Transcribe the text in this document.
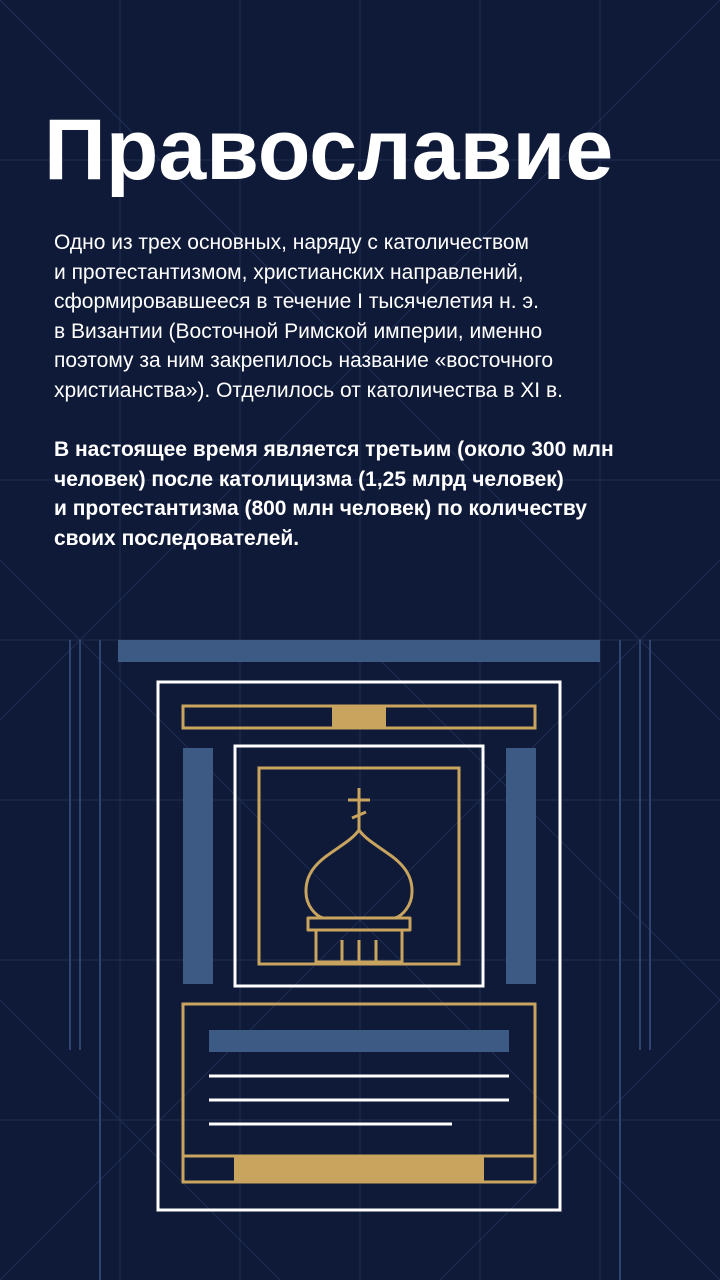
Православие

Одно из трех основных, наряду с католичеством
и протестантизмом, христианских направлений,
сформировавшееся в течение I тысячелетия н. э.
в Византии (Восточной Римской империи, именно
поэтому за ним закрепилось название «восточного
христианства»). Отделилось от католичества в XI в.

В настоящее время является третьим (около 300 млн
человек) после католицизма (1,25 млрд человек)
и протестантизма (800 млн человек) по количеству
своих последователей.
